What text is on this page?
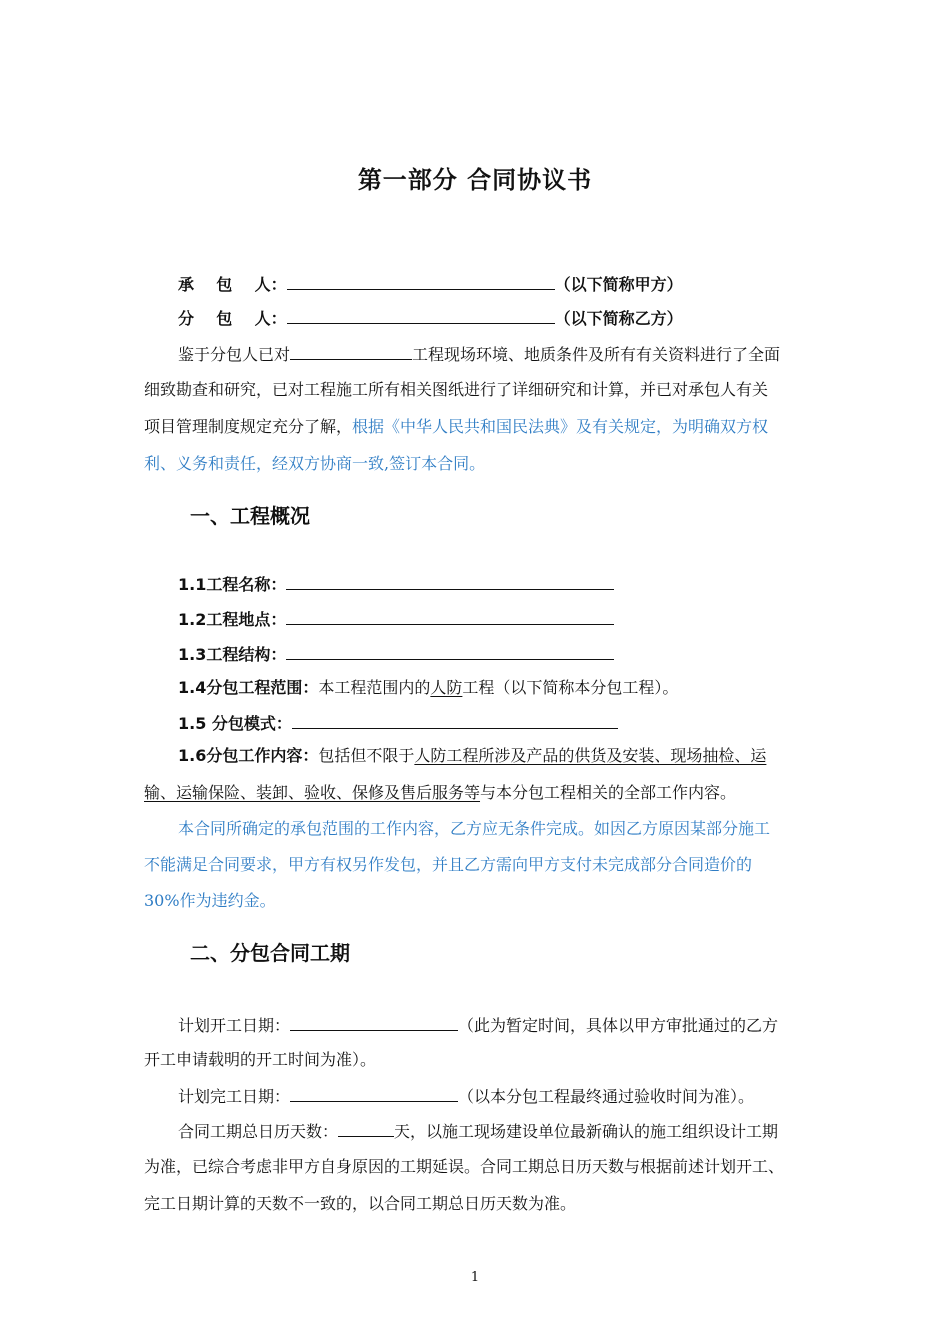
第一部分 合同协议书
承    包    人：	（以下简称甲方）
分    包    人：	（以下简称乙方）
鉴于分包人已对	工程现场环境、地质条件及所有有关资料进行了全面
细致勘查和研究，已对工程施工所有相关图纸进行了详细研究和计算，并已对承包人有关
项目管理制度规定充分了解，根据《中华人民共和国民法典》及有关规定，为明确双方权
利、义务和责任，经双方协商一致,签订本合同。
一、工程概况
1.1工程名称：
1.2工程地点：
1.3工程结构：
1.4分包工程范围：本工程范围内的人防工程（以下简称本分包工程）。
1.5 分包模式：
1.6分包工作内容：包括但不限于人防工程所涉及产品的供货及安装、现场抽检、运
输、运输保险、装卸、验收、保修及售后服务等与本分包工程相关的全部工作内容。
本合同所确定的承包范围的工作内容，乙方应无条件完成。如因乙方原因某部分施工
不能满足合同要求，甲方有权另作发包，并且乙方需向甲方支付未完成部分合同造价的
30%作为违约金。
二、分包合同工期
计划开工日期：	（此为暂定时间，具体以甲方审批通过的乙方
开工申请载明的开工时间为准）。
计划完工日期：	（以本分包工程最终通过验收时间为准）。
合同工期总日历天数：	天，以施工现场建设单位最新确认的施工组织设计工期
为准，已综合考虑非甲方自身原因的工期延误。合同工期总日历天数与根据前述计划开工、
完工日期计算的天数不一致的，以合同工期总日历天数为准。
1
